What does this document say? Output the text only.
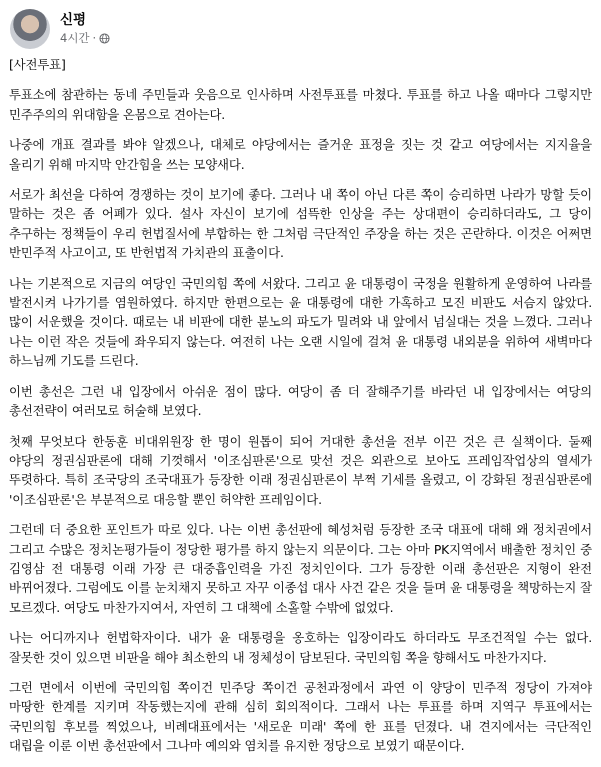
신평
4시간 ·

[사전투표]

투표소에 참관하는 동네 주민들과 웃음으로 인사하며 사전투표를 마쳤다. 투표를 하고 나올 때마다 그렇지만 민주주의의 위대함을 온몸으로 견아는다.

나중에 개표 결과를 봐야 알겠으나, 대체로 야당에서는 즐거운 표정을 짓는 것 같고 여당에서는 지지율을 올리기 위해 마지막 안간힘을 쓰는 모양새다.

서로가 최선을 다하여 경쟁하는 것이 보기에 좋다. 그러나 내 쪽이 아닌 다른 쪽이 승리하면 나라가 망할 듯이 말하는 것은 좀 어폐가 있다. 설사 자신이 보기에 섬뜩한 인상을 주는 상대편이 승리하더라도, 그 당이 추구하는 정책들이 우리 헌법질서에 부합하는 한 그처럼 극단적인 주장을 하는 것은 곤란하다. 이것은 어쩌면 반민주적 사고이고, 또 반헌법적 가치관의 표출이다.

나는 기본적으로 지금의 여당인 국민의힘 쪽에 서왔다. 그리고 윤 대통령이 국정을 원활하게 운영하여 나라를 발전시켜 나가기를 염원하였다. 하지만 한편으로는 윤 대통령에 대한 가혹하고 모진 비판도 서슴지 않았다. 많이 서운했을 것이다. 때로는 내 비판에 대한 분노의 파도가 밀려와 내 앞에서 넘실대는 것을 느꼈다. 그러나 나는 이런 작은 것들에 좌우되지 않는다. 여전히 나는 오랜 시일에 걸쳐 윤 대통령 내외분을 위하여 새벽마다 하느님께 기도를 드린다.

이번 총선은 그런 내 입장에서 아쉬운 점이 많다. 여당이 좀 더 잘해주기를 바라던 내 입장에서는 여당의 총선전략이 여러모로 허술해 보였다.

첫째 무엇보다 한동훈 비대위원장 한 명이 원톱이 되어 거대한 총선을 전부 이끈 것은 큰 실책이다. 둘째 야당의 정권심판론에 대해 기껏해서 '이조심판론'으로 맞선 것은 외관으로 보아도 프레임작업상의 열세가 뚜렷하다. 특히 조국당의 조국대표가 등장한 이래 정권심판론이 부쩍 기세를 올렸고, 이 강화된 정권심판론에 '이조심판론'은 부분적으로 대응할 뿐인 허약한 프레임이다.

그런데 더 중요한 포인트가 따로 있다. 나는 이번 총선판에 혜성처럼 등장한 조국 대표에 대해 왜 정치권에서 그리고 수많은 정치논평가들이 정당한 평가를 하지 않는지 의문이다. 그는 아마 PK지역에서 배출한 정치인 중 김영삼 전 대통령 이래 가장 큰 대중흡인력을 가진 정치인이다. 그가 등장한 이래 총선판은 지형이 완전 바뀌어졌다. 그럼에도 이를 눈치채지 못하고 자꾸 이종섭 대사 사건 같은 것을 들며 윤 대통령을 책망하는지 잘 모르겠다. 여당도 마찬가지여서, 자연히 그 대책에 소홀할 수밖에 없었다.

나는 어디까지나 헌법학자이다. 내가 윤 대통령을 옹호하는 입장이라도 하더라도 무조건적일 수는 없다. 잘못한 것이 있으면 비판을 해야 최소한의 내 정체성이 담보된다. 국민의힘 쪽을 향해서도 마찬가지다.

그런 면에서 이번에 국민의힘 쪽이건 민주당 쪽이건 공천과정에서 과연 이 양당이 민주적 정당이 가져야 마땅한 한계를 지키며 작동했는지에 관해 심히 회의적이다. 그래서 나는 투표를 하며 지역구 투표에서는 국민의힘 후보를 찍었으나, 비례대표에서는 '새로운 미래' 쪽에 한 표를 던졌다. 내 견지에서는 극단적인 대립을 이룬 이번 총선판에서 그나마 예의와 염치를 유지한 정당으로 보였기 때문이다.
